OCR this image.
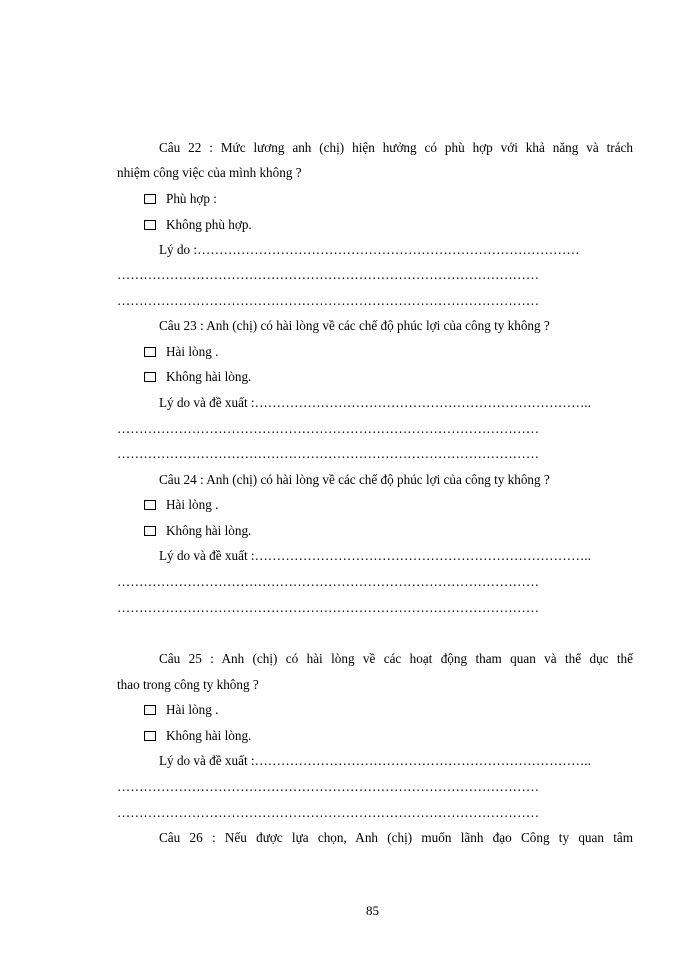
Câu 22 : Mức lương anh (chị) hiện hưởng có phù hợp với khả năng và trách
nhiệm công việc của mình không ?
Phù hợp :
Không phù hợp.
Lý do :……………………………………………………………………………
……………………………………………………………………………………
……………………………………………………………………………………
Câu 23 : Anh (chị) có hài lòng về các chế độ phúc lợi của công ty không ?
Hài lòng .
Không hài lòng.
Lý do và đề xuất :…………………………………………………………………..
……………………………………………………………………………………
……………………………………………………………………………………
Câu 24 : Anh (chị) có hài lòng về các chế độ phúc lợi của công ty không ?
Hài lòng .
Không hài lòng.
Lý do và đề xuất :…………………………………………………………………..
……………………………………………………………………………………
……………………………………………………………………………………
Câu 25 : Anh (chị) có hài lòng về các hoạt động tham quan và thể dục thể
thao trong công ty không ?
Hài lòng .
Không hài lòng.
Lý do và đề xuất :…………………………………………………………………..
……………………………………………………………………………………
……………………………………………………………………………………
Câu 26 : Nếu được lựa chọn, Anh (chị) muốn lãnh đạo Công ty quan tâm
85
